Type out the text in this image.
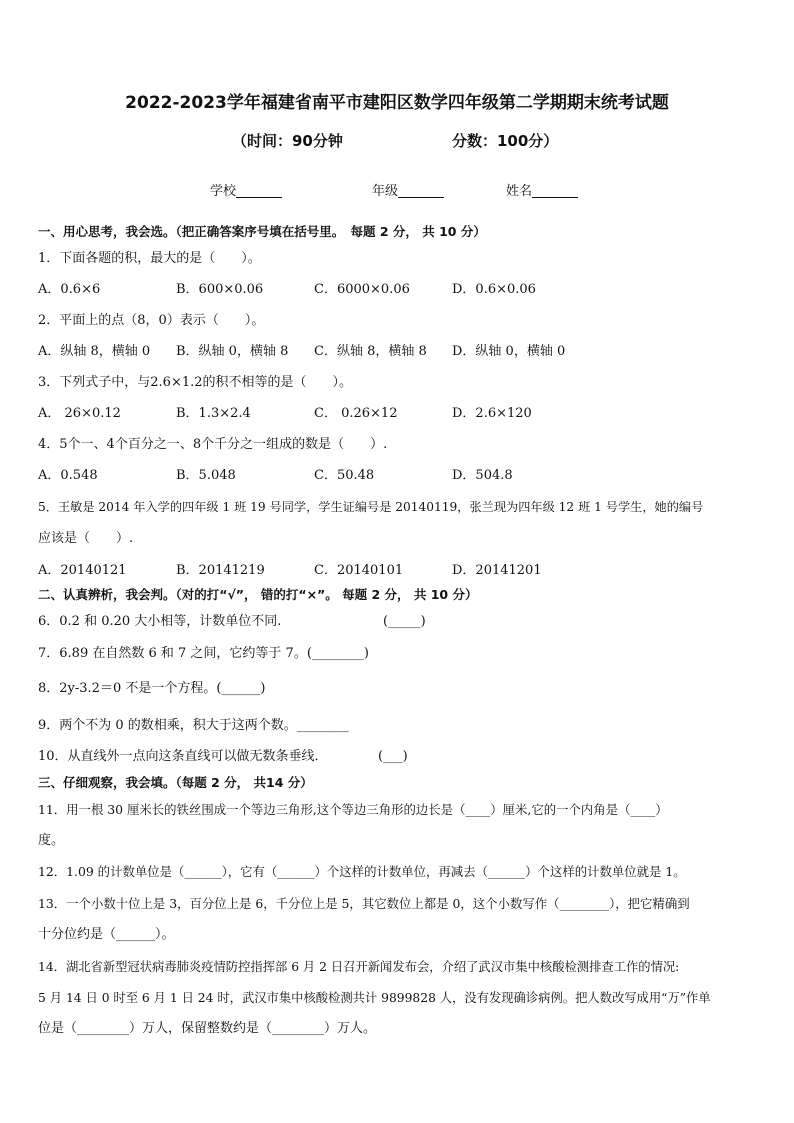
2022-2023学年福建省南平市建阳区数学四年级第二学期期末统考试题
（时间：90分钟	分数：100分）
学校	年级	姓名
一、用心思考，我会选。（把正确答案序号填在括号里。　每题 2 分， 共 10 分）
1．下面各题的积，最大的是（　　）。
A．0.6×6	B．600×0.06	C．6000×0.06	D．0.6×0.06
2．平面上的点（8，0）表示（　　）。
A．纵轴 8，横轴 0 B．纵轴 0，横轴 8 C．纵轴 8，横轴 8 D．纵轴 0，横轴 0
3．下列式子中，与2.6×1.2的积不相等的是（　　）。
A． 26×0.12	B．1.3×2.4	C． 0.26×12	D．2.6×120
4．5个一、4个百分之一、8个千分之一组成的数是（　　）.
A．0.548	B．5.048	C．50.48	D．504.8
5．王敏是 2014 年入学的四年级 1 班 19 号同学，学生证编号是 20140119，张兰现为四年级 12 班 1 号学生，她的编号
应该是（　　）.
A．20140121	B．20141219	C．20140101	D．20141201
二、认真辨析，我会判。（对的打“√”， 错的打“×”。 每题 2 分， 共 10 分）
6．0.2 和 0.20 大小相等，计数单位不同.	(_____)
7．6.89 在自然数 6 和 7 之间，它约等于 7。(________)
8．2y-3.2＝0 不是一个方程。(______)
9．两个不为 0 的数相乘，积大于这两个数。________
10．从直线外一点向这条直线可以做无数条垂线．	(___)
三、仔细观察，我会填。（每题 2 分， 共14 分）
11．用一根 30 厘米长的铁丝围成一个等边三角形,这个等边三角形的边长是（____）厘米,它的一个内角是（____）
度。
12．1.09 的计数单位是（______），它有（______）个这样的计数单位，再减去（______）个这样的计数单位就是 1。
13．一个小数十位上是 3，百分位上是 6，千分位上是 5，其它数位上都是 0，这个小数写作（________），把它精确到
十分位约是（______）。
14．湖北省新型冠状病毒肺炎疫情防控指挥部 6 月 2 日召开新闻发布会，介绍了武汉市集中核酸检测排查工作的情况:
5 月 14 日 0 时至 6 月 1 日 24 时，武汉市集中核酸检测共计 9899828 人，没有发现确诊病例。把人数改写成用“万”作单
位是（________）万人，保留整数约是（________）万人。
